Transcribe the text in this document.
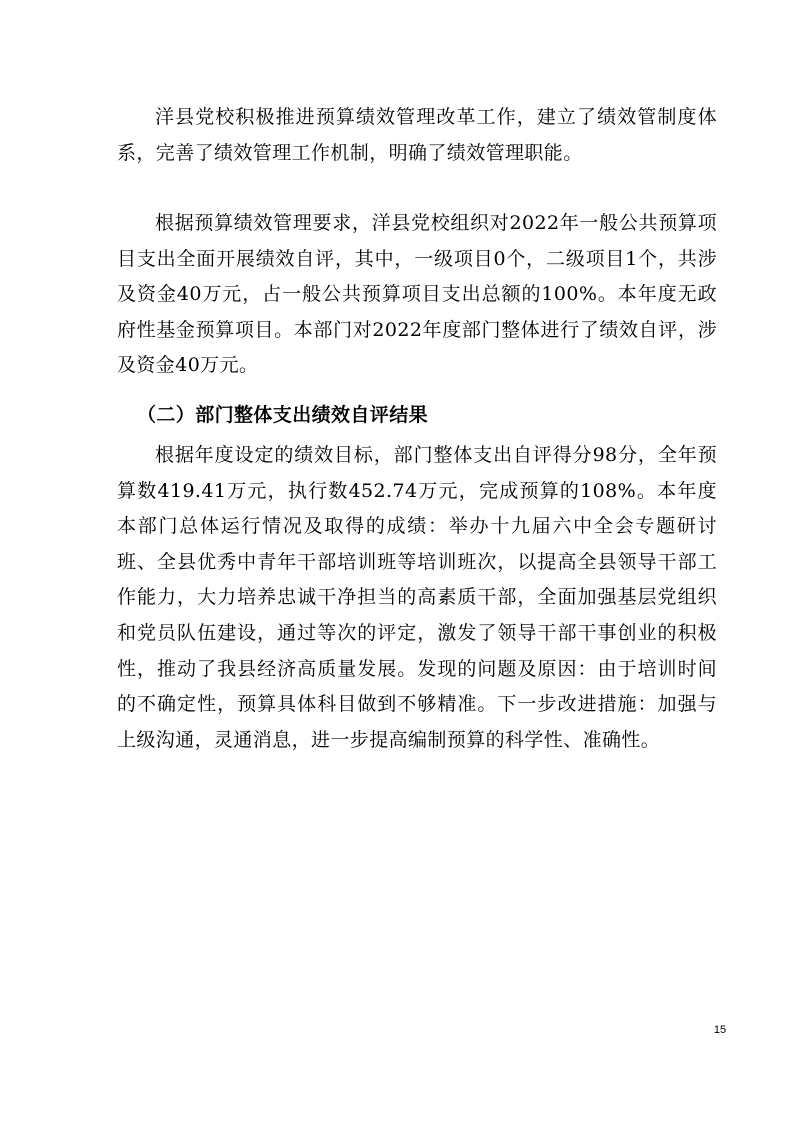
洋县党校积极推进预算绩效管理改革工作，建立了绩效管制度体系，完善了绩效管理工作机制，明确了绩效管理职能。

根据预算绩效管理要求，洋县党校组织对2022年一般公共预算项目支出全面开展绩效自评，其中，一级项目0个，二级项目1个，共涉及资金40万元，占一般公共预算项目支出总额的100%。本年度无政府性基金预算项目。本部门对2022年度部门整体进行了绩效自评，涉及资金40万元。

（二）部门整体支出绩效自评结果

根据年度设定的绩效目标，部门整体支出自评得分98分，全年预算数419.41万元，执行数452.74万元，完成预算的108%。本年度本部门总体运行情况及取得的成绩：举办十九届六中全会专题研讨班、全县优秀中青年干部培训班等培训班次，以提高全县领导干部工作能力，大力培养忠诚干净担当的高素质干部，全面加强基层党组织和党员队伍建设，通过等次的评定，激发了领导干部干事创业的积极性，推动了我县经济高质量发展。发现的问题及原因：由于培训时间的不确定性，预算具体科目做到不够精准。下一步改进措施：加强与上级沟通，灵通消息，进一步提高编制预算的科学性、准确性。

15
